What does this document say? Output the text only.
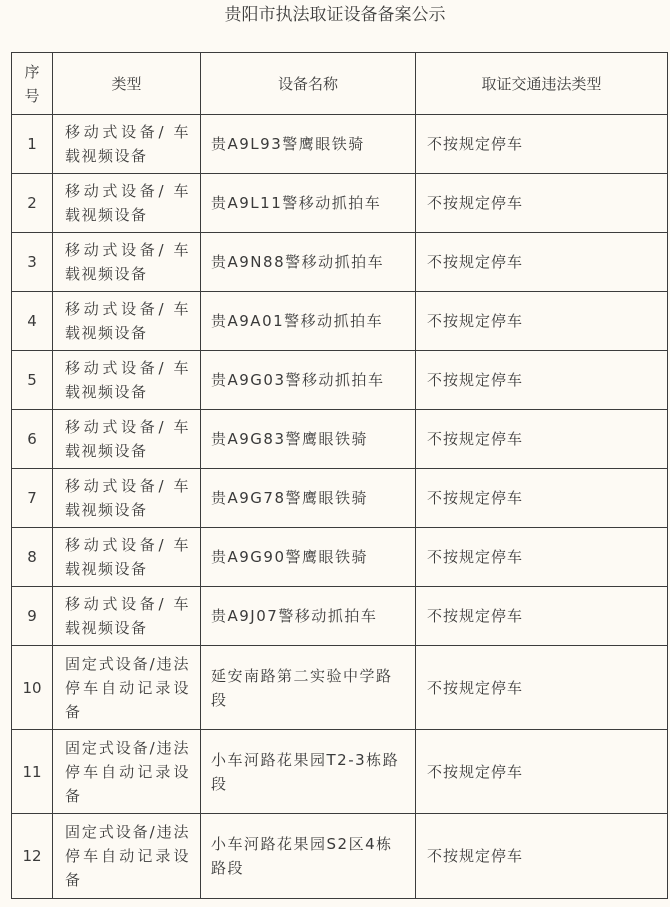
贵阳市执法取证设备备案公示
序号	类型	设备名称	取证交通违法类型
1	移动式设备/ 车载视频设备	贵A9L93警鹰眼铁骑	不按规定停车
2	移动式设备/ 车载视频设备	贵A9L11警移动抓拍车	不按规定停车
3	移动式设备/ 车载视频设备	贵A9N88警移动抓拍车	不按规定停车
4	移动式设备/ 车载视频设备	贵A9A01警移动抓拍车	不按规定停车
5	移动式设备/ 车载视频设备	贵A9G03警移动抓拍车	不按规定停车
6	移动式设备/ 车载视频设备	贵A9G83警鹰眼铁骑	不按规定停车
7	移动式设备/ 车载视频设备	贵A9G78警鹰眼铁骑	不按规定停车
8	移动式设备/ 车载视频设备	贵A9G90警鹰眼铁骑	不按规定停车
9	移动式设备/ 车载视频设备	贵A9J07警移动抓拍车	不按规定停车
10	固定式设备/违法停车自动记录设备	延安南路第二实验中学路段	不按规定停车
11	固定式设备/违法停车自动记录设备	小车河路花果园T2-3栋路段	不按规定停车
12	固定式设备/违法停车自动记录设备	小车河路花果园S2区4栋路段	不按规定停车
